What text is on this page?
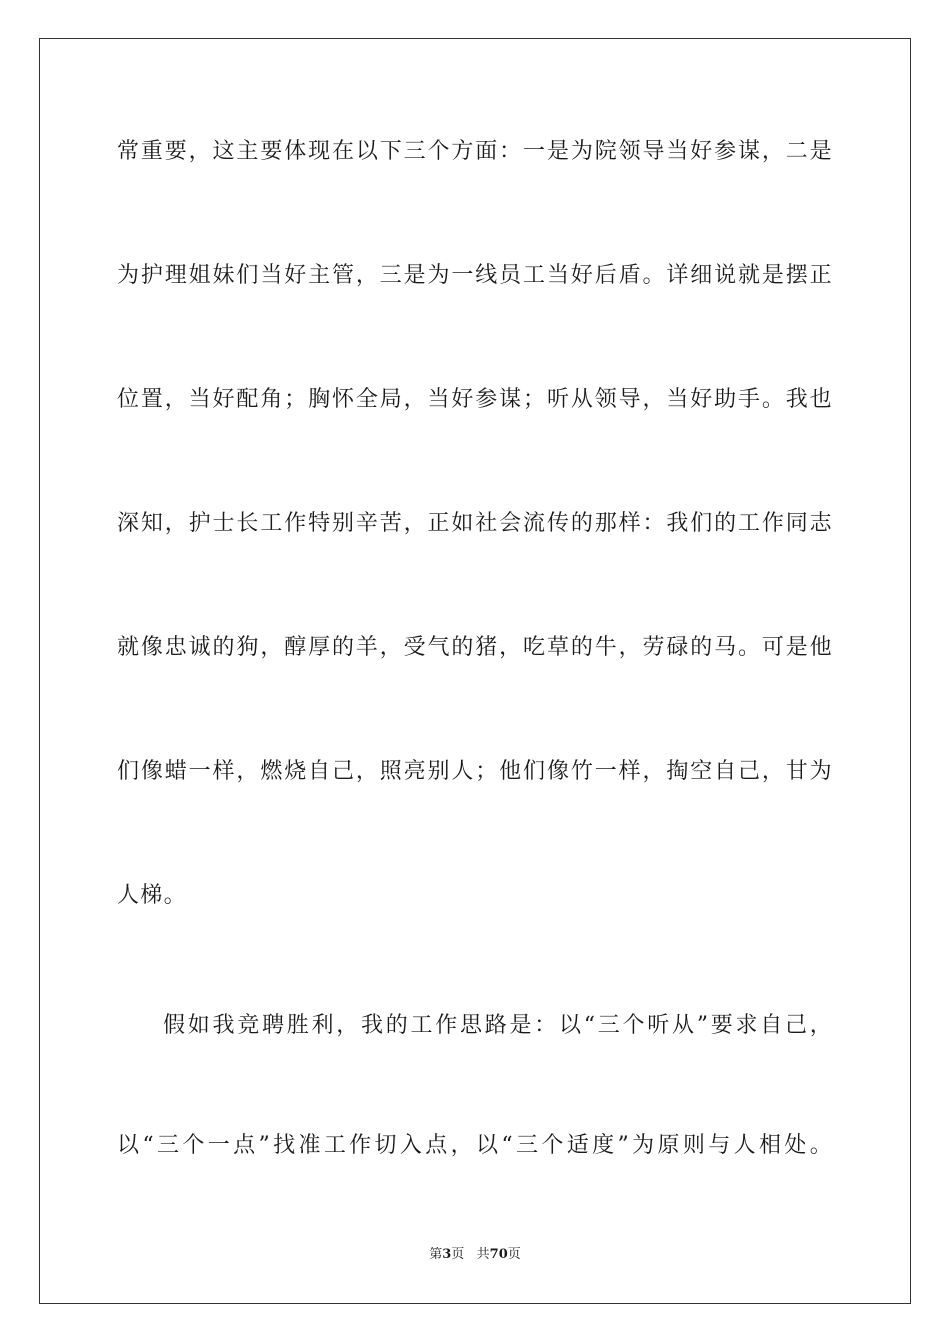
常重要，这主要体现在以下三个方面：一是为院领导当好参谋，二是
为护理姐妹们当好主管，三是为一线员工当好后盾。详细说就是摆正
位置，当好配角；胸怀全局，当好参谋；听从领导，当好助手。我也
深知，护士长工作特别辛苦，正如社会流传的那样：我们的工作同志
就像忠诚的狗，醇厚的羊，受气的猪，吃草的牛，劳碌的马。可是他
们像蜡一样，燃烧自己，照亮别人；他们像竹一样，掏空自己，甘为
人梯。
假如我竞聘胜利，我的工作思路是：以“三个听从”要求自己，
以“三个一点”找准工作切入点，以“三个适度”为原则与人相处。
第3页   共70页
